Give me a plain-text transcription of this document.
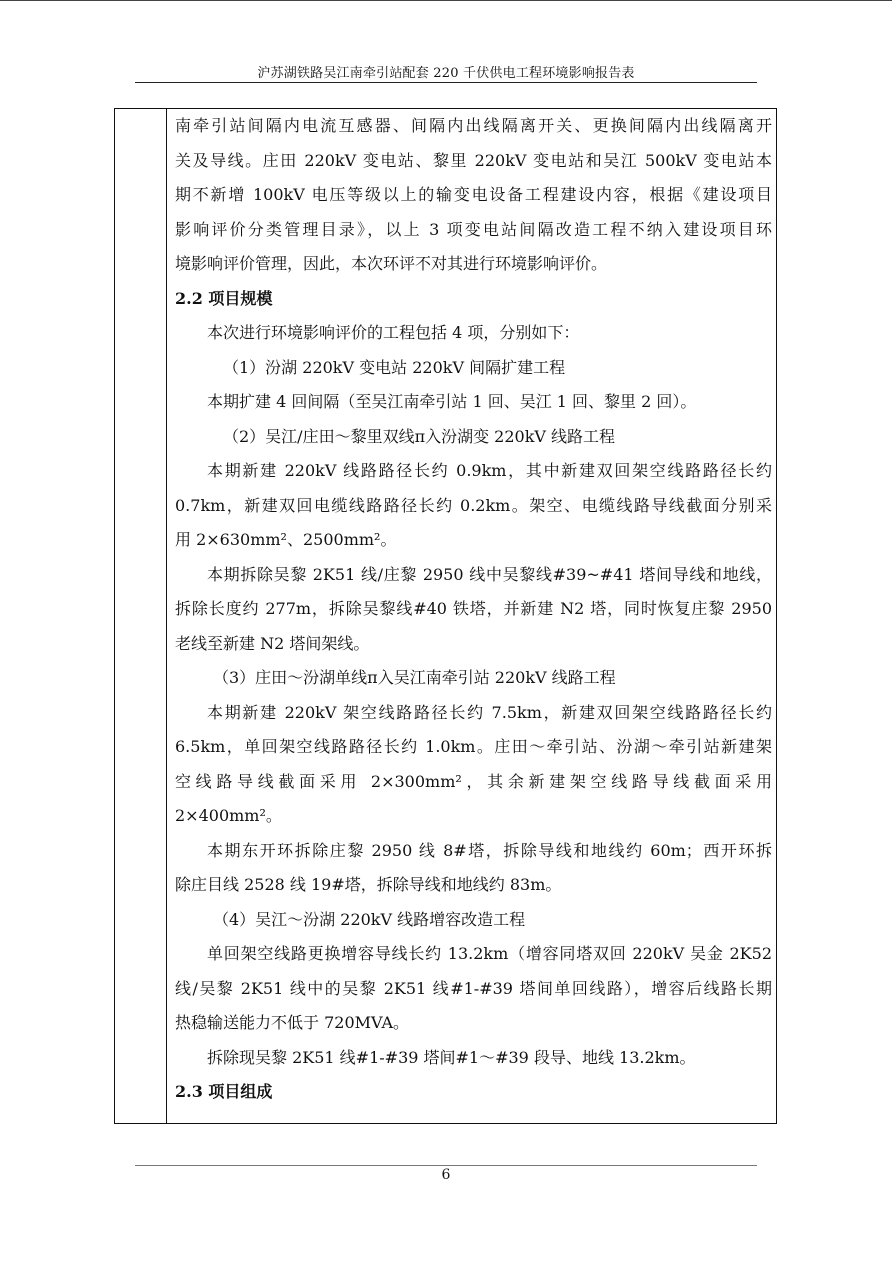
沪苏湖铁路吴江南牵引站配套 220 千伏供电工程环境影响报告表

南牵引站间隔内电流互感器、间隔内出线隔离开关、更换间隔内出线隔离开

关及导线。庄田 220kV 变电站、黎里 220kV 变电站和吴江 500kV 变电站本

期不新增 100kV 电压等级以上的输变电设备工程建设内容，根据《建设项目

影响评价分类管理目录》，以上 3 项变电站间隔改造工程不纳入建设项目环

境影响评价管理，因此，本次环评不对其进行环境影响评价。

2.2 项目规模

本次进行环境影响评价的工程包括 4 项，分别如下：

（1）汾湖 220kV 变电站 220kV 间隔扩建工程

本期扩建 4 回间隔（至吴江南牵引站 1 回、吴江 1 回、黎里 2 回）。

（2）吴江/庄田～黎里双线π入汾湖变 220kV 线路工程

本期新建 220kV 线路路径长约 0.9km，其中新建双回架空线路路径长约

0.7km，新建双回电缆线路路径长约 0.2km。架空、电缆线路导线截面分别采

用 2×630mm²、2500mm²。

本期拆除吴黎 2K51 线/庄黎 2950 线中吴黎线#39~#41 塔间导线和地线，

拆除长度约 277m，拆除吴黎线#40 铁塔，并新建 N2 塔，同时恢复庄黎 2950

老线至新建 N2 塔间架线。

（3）庄田～汾湖单线π入吴江南牵引站 220kV 线路工程

本期新建 220kV 架空线路路径长约 7.5km，新建双回架空线路路径长约

6.5km，单回架空线路路径长约 1.0km。庄田～牵引站、汾湖～牵引站新建架

空线路导线截面采用 2×300mm²，其余新建架空线路导线截面采用

2×400mm²。

本期东开环拆除庄黎 2950 线 8#塔，拆除导线和地线约 60m；西开环拆

除庄目线 2528 线 19#塔，拆除导线和地线约 83m。

（4）吴江～汾湖 220kV 线路增容改造工程

单回架空线路更换增容导线长约 13.2km（增容同塔双回 220kV 吴金 2K52

线/吴黎 2K51 线中的吴黎 2K51 线#1-#39 塔间单回线路），增容后线路长期

热稳输送能力不低于 720MVA。

拆除现吴黎 2K51 线#1-#39 塔间#1～#39 段导、地线 13.2km。

2.3 项目组成

6
